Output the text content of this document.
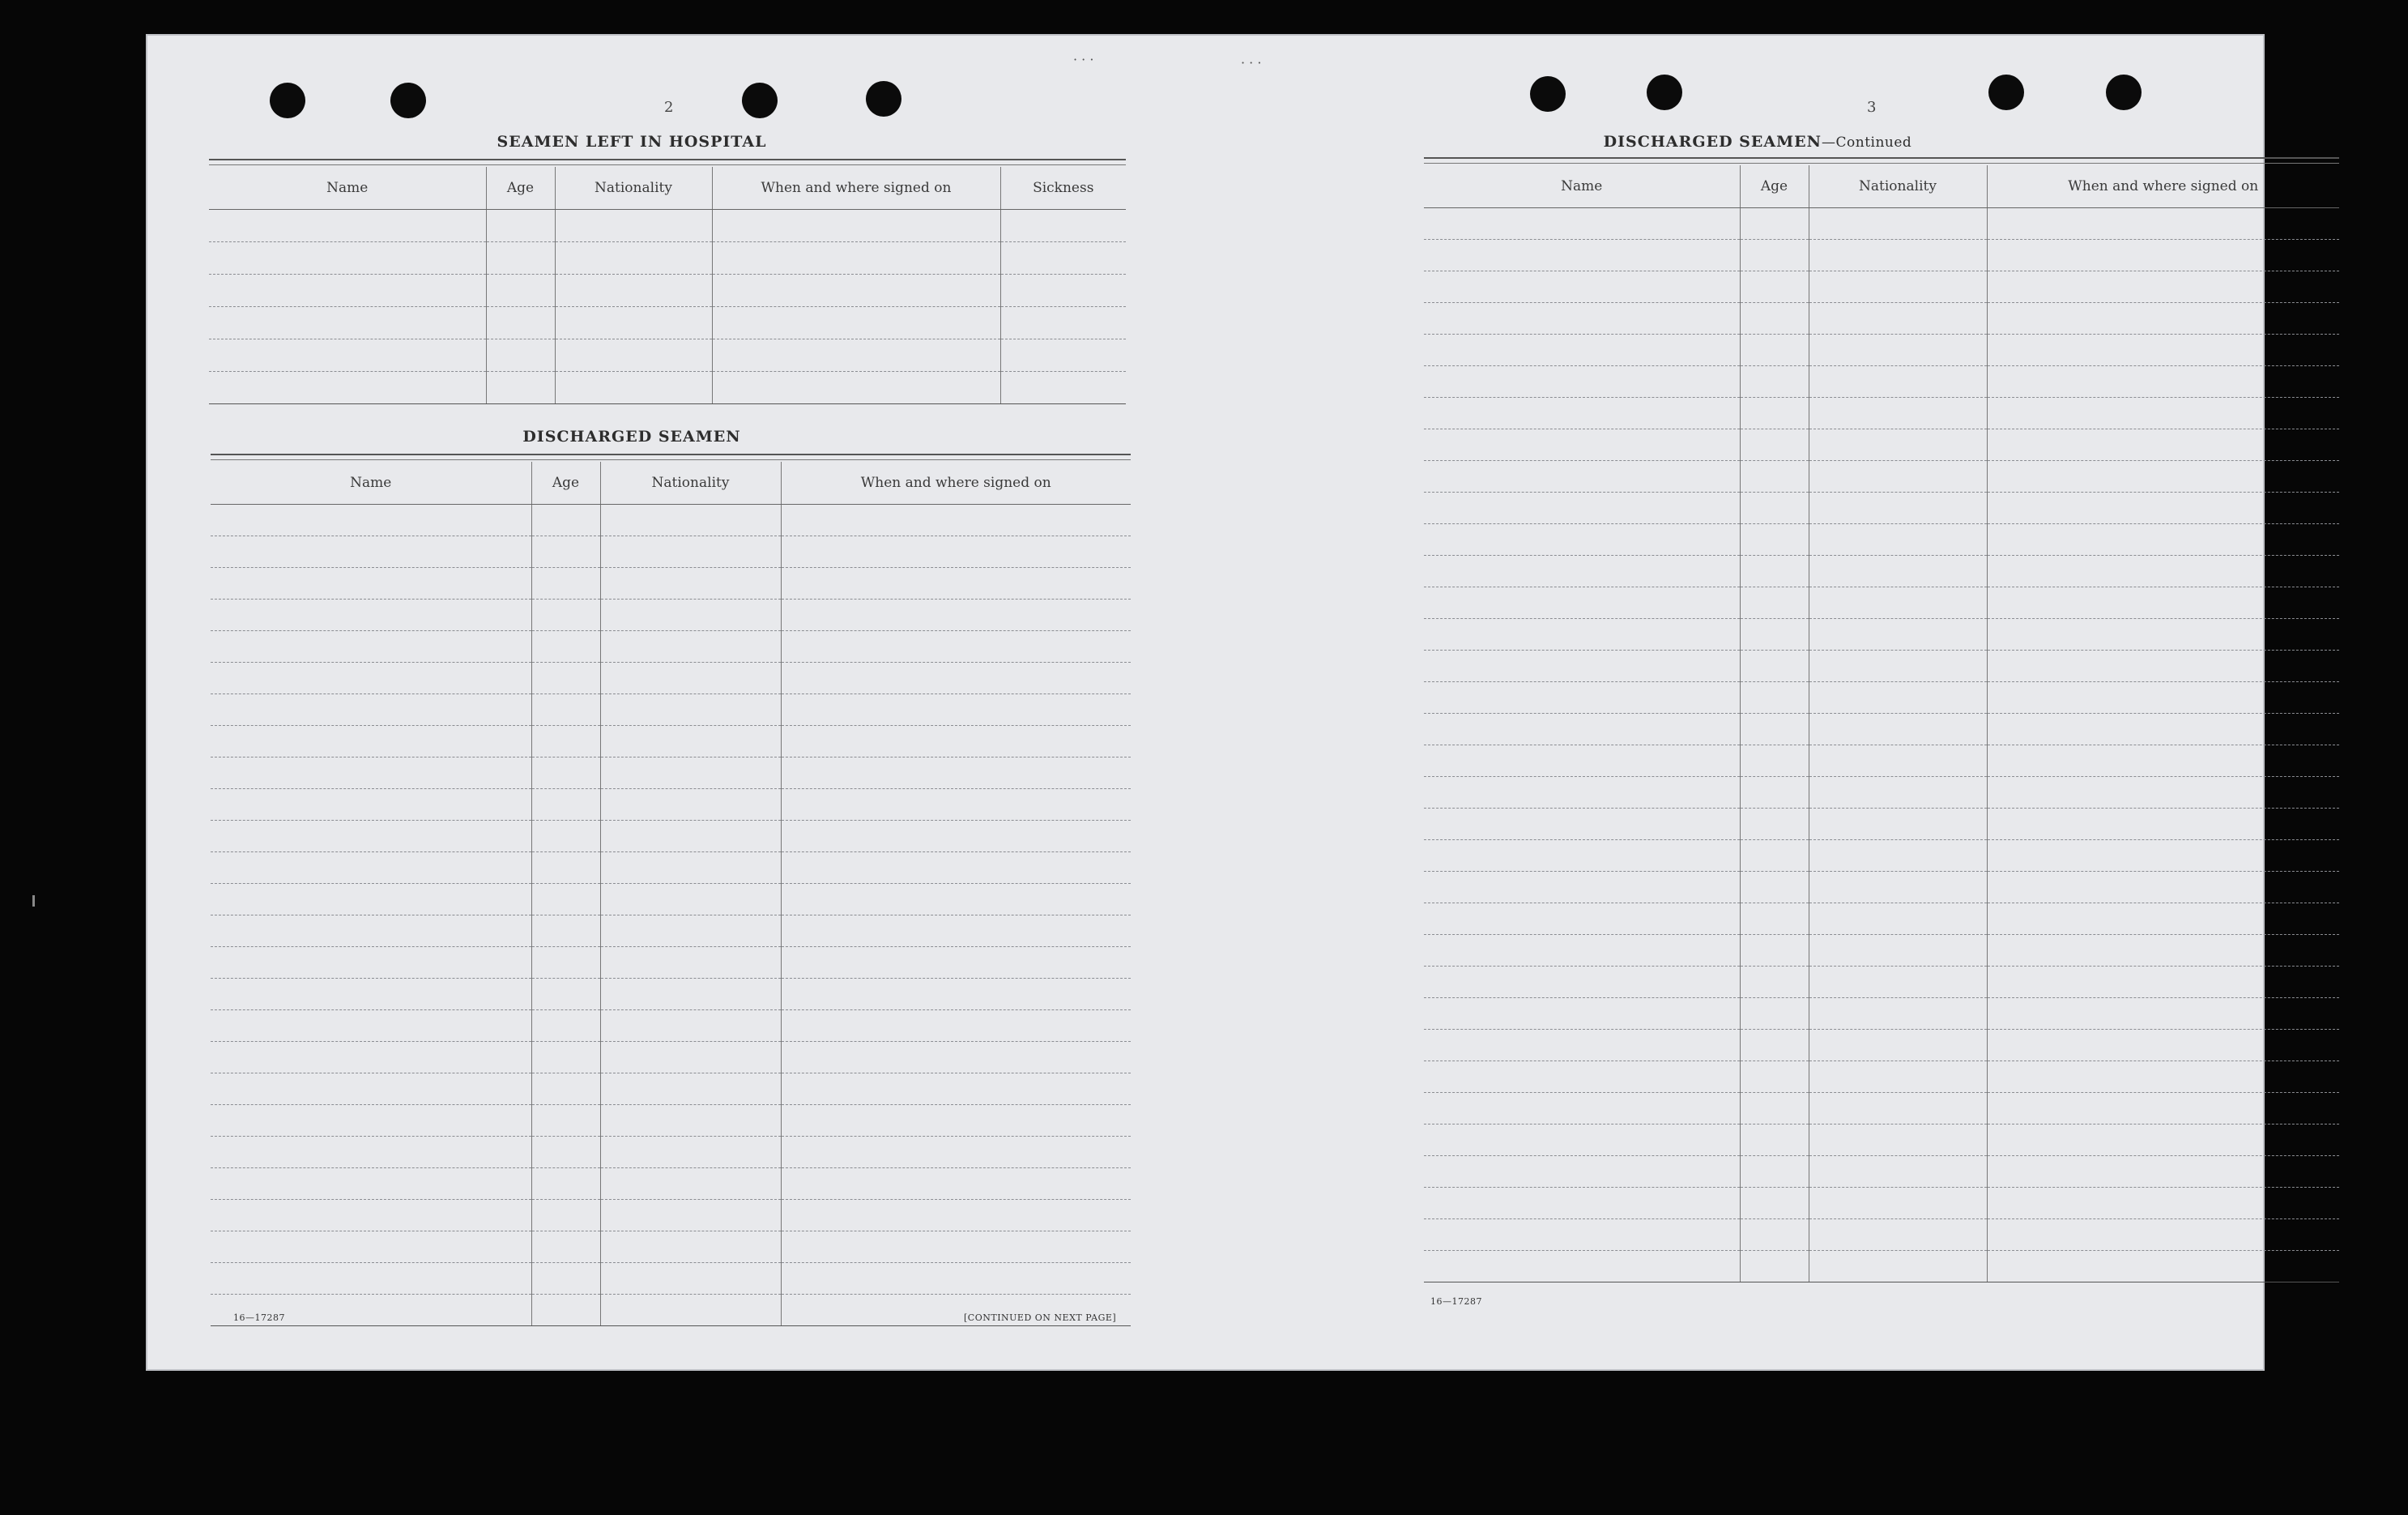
· · ·	· · ·
2
SEAMEN LEFT IN HOSPITAL
Name	Age	Nationality	When and where signed on	Sickness

DISCHARGED SEAMEN
Name	Age	Nationality	When and where signed on

16—17287	[CONTINUED ON NEXT PAGE]
3
DISCHARGED SEAMEN—Continued
Name	Age	Nationality	When and where signed on

16—17287
